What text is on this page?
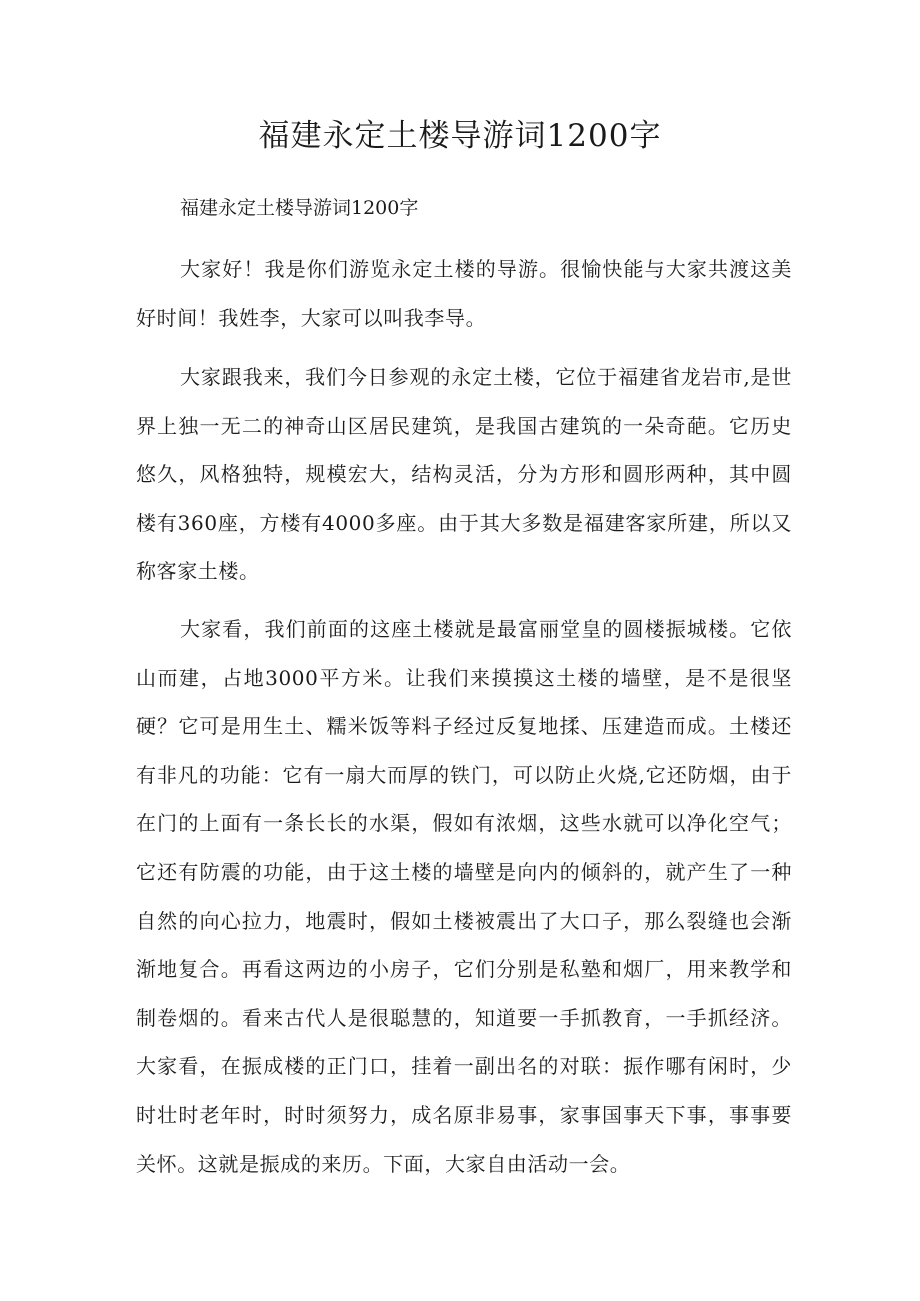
福建永定土楼导游词1200字

福建永定土楼导游词1200字

大家好！我是你们游览永定土楼的导游。很愉快能与大家共渡这美好时间！我姓李，大家可以叫我李导。

大家跟我来，我们今日参观的永定土楼，它位于福建省龙岩市,是世界上独一无二的神奇山区居民建筑，是我国古建筑的一朵奇葩。它历史悠久，风格独特，规模宏大，结构灵活，分为方形和圆形两种，其中圆楼有360座，方楼有4000多座。由于其大多数是福建客家所建，所以又称客家土楼。

大家看，我们前面的这座土楼就是最富丽堂皇的圆楼振城楼。它依山而建，占地3000平方米。让我们来摸摸这土楼的墙壁，是不是很坚硬？它可是用生土、糯米饭等料子经过反复地揉、压建造而成。土楼还有非凡的功能：它有一扇大而厚的铁门，可以防止火烧,它还防烟，由于在门的上面有一条长长的水渠，假如有浓烟，这些水就可以净化空气；它还有防震的功能，由于这土楼的墙壁是向内的倾斜的，就产生了一种自然的向心拉力，地震时，假如土楼被震出了大口子，那么裂缝也会渐渐地复合。再看这两边的小房子，它们分别是私塾和烟厂，用来教学和制卷烟的。看来古代人是很聪慧的，知道要一手抓教育，一手抓经济。大家看，在振成楼的正门口，挂着一副出名的对联：振作哪有闲时，少时壮时老年时，时时须努力，成名原非易事，家事国事天下事，事事要关怀。这就是振成的来历。下面，大家自由活动一会。
